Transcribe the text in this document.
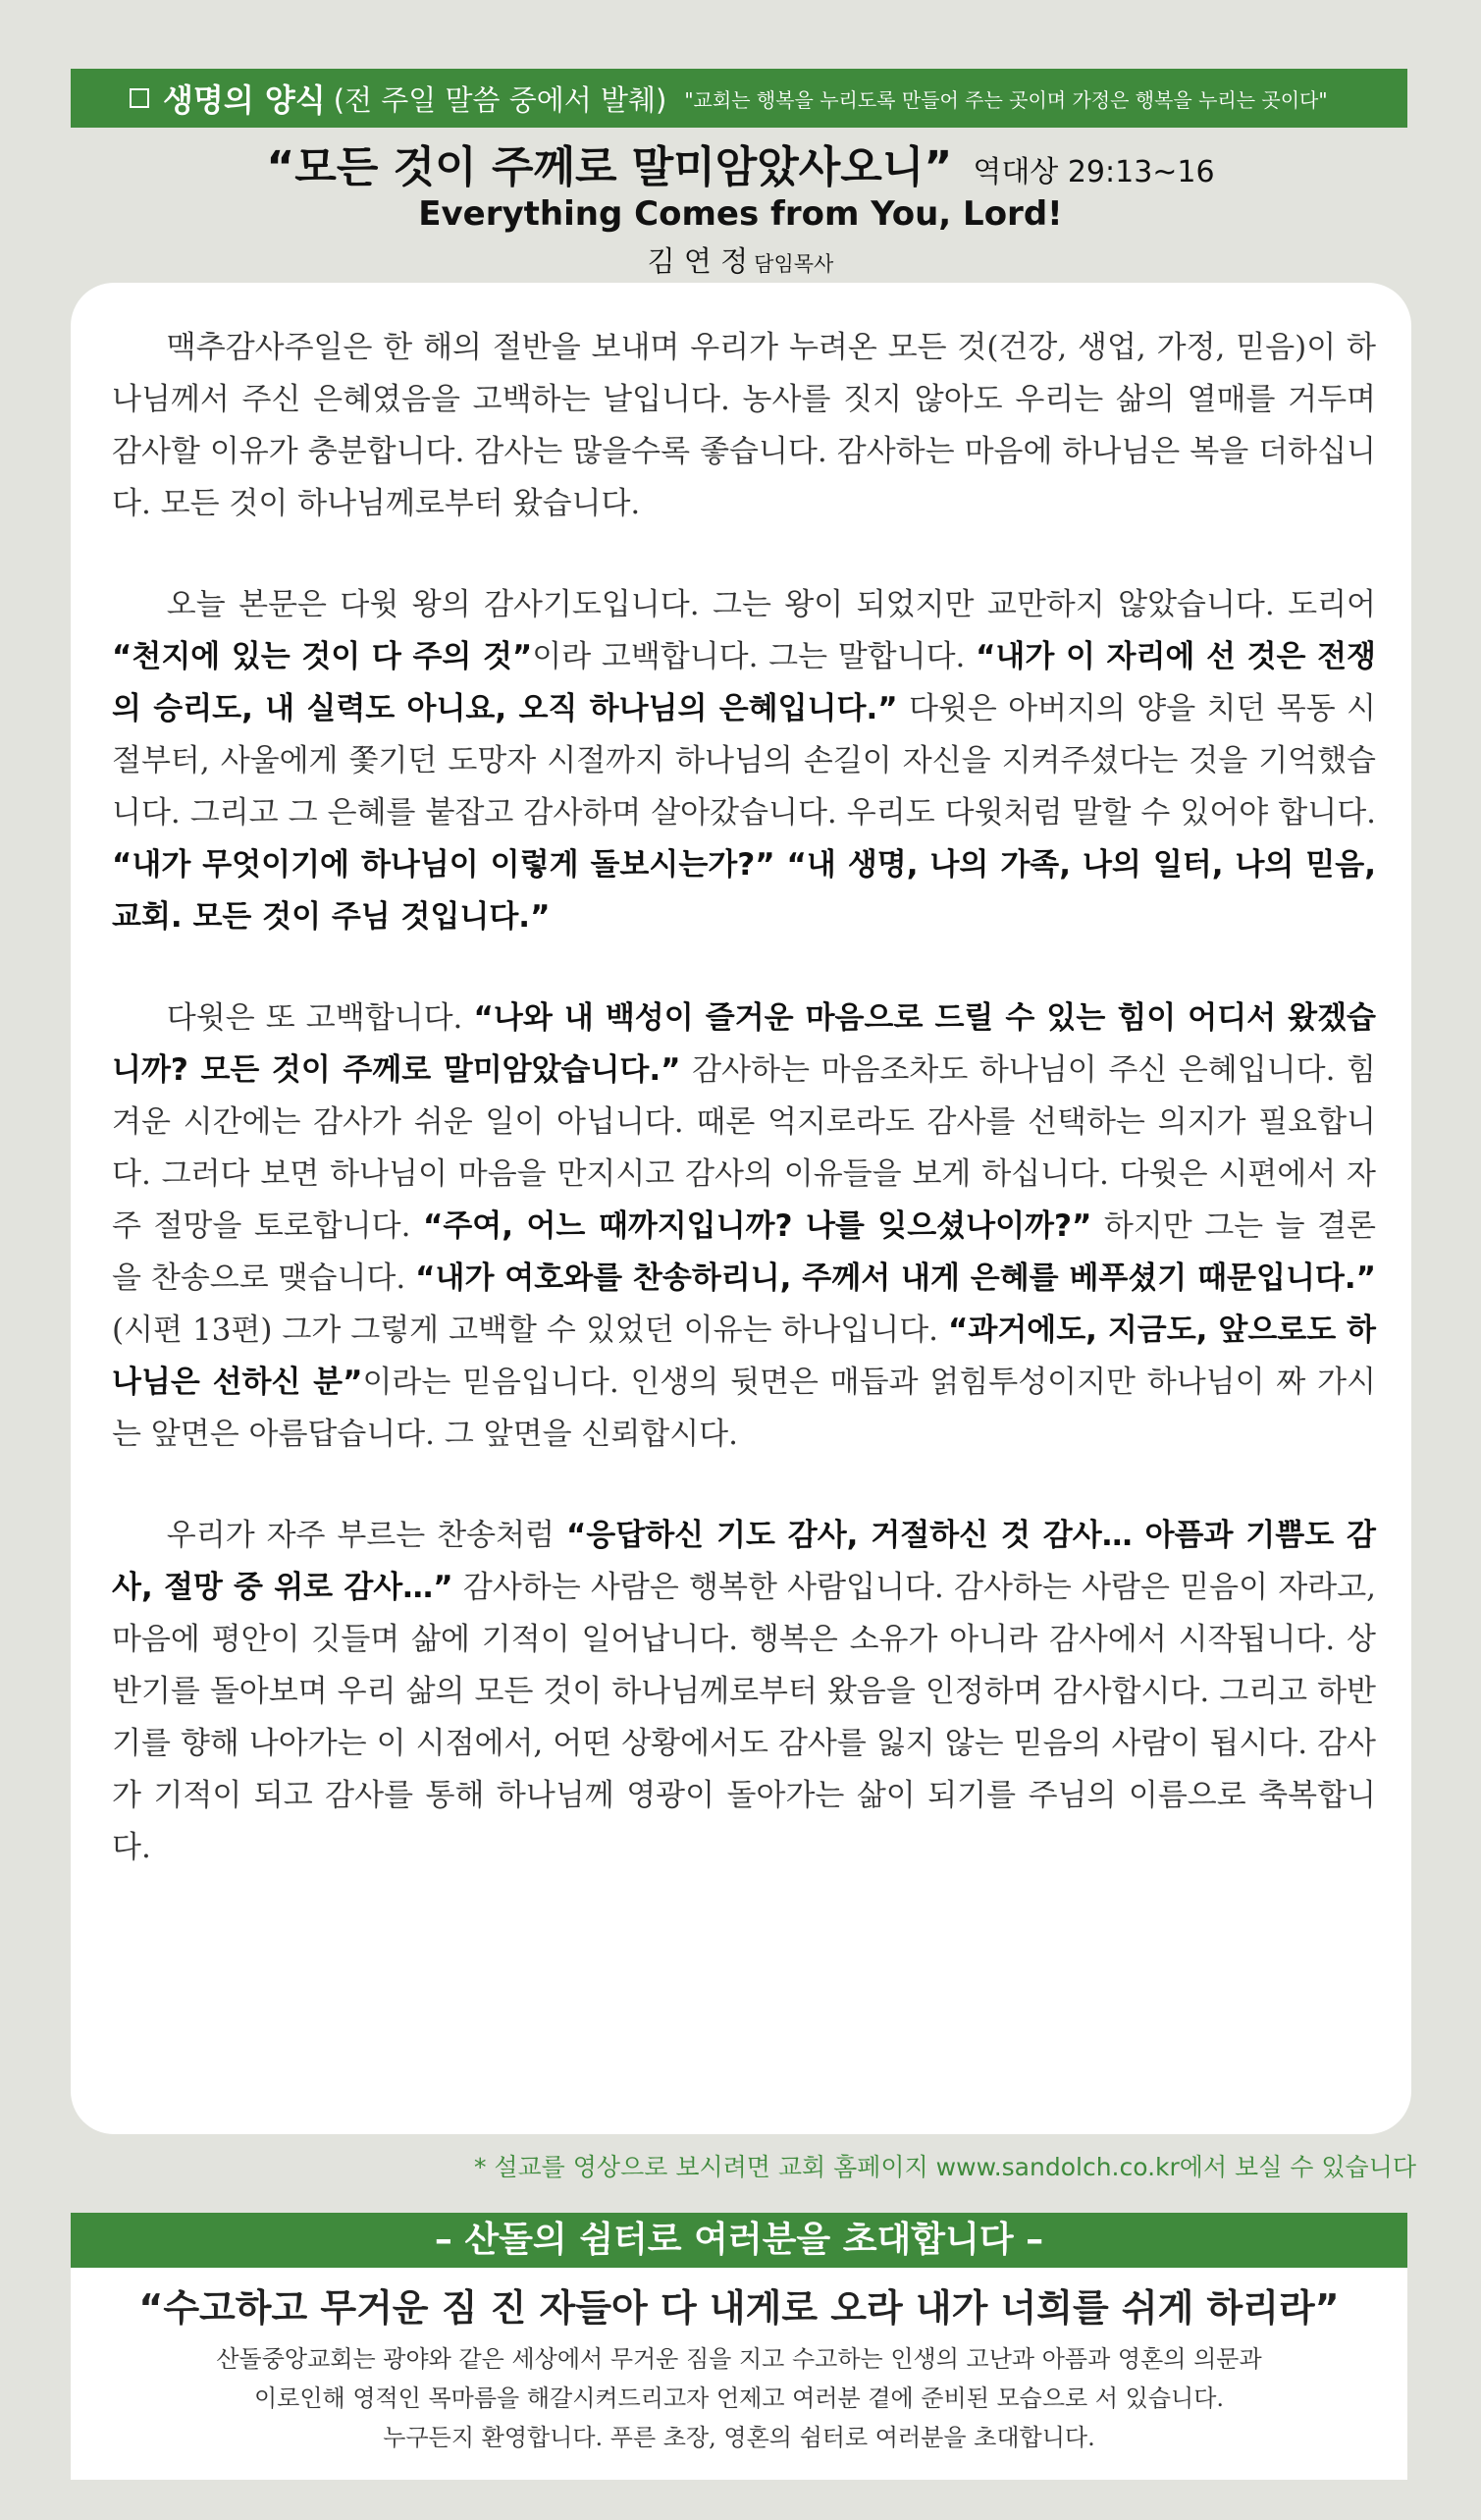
생명의 양식 (전 주일 말씀 중에서 발췌) "교회는 행복을 누리도록 만들어 주는 곳이며 가정은 행복을 누리는 곳이다"
“모든 것이 주께로 말미암았사오니” 역대상 29:13~16
Everything Comes from You, Lord!
김 연 정 담임목사

맥추감사주일은 한 해의 절반을 보내며 우리가 누려온 모든 것(건강, 생업, 가정, 믿음)이 하나님께서 주신 은혜였음을 고백하는 날입니다. 농사를 짓지 않아도 우리는 삶의 열매를 거두며 감사할 이유가 충분합니다. 감사는 많을수록 좋습니다. 감사하는 마음에 하나님은 복을 더하십니다. 모든 것이 하나님께로부터 왔습니다.

오늘 본문은 다윗 왕의 감사기도입니다. 그는 왕이 되었지만 교만하지 않았습니다. 도리어 “천지에 있는 것이 다 주의 것”이라 고백합니다. 그는 말합니다. “내가 이 자리에 선 것은 전쟁의 승리도, 내 실력도 아니요, 오직 하나님의 은혜입니다.” 다윗은 아버지의 양을 치던 목동 시절부터, 사울에게 쫓기던 도망자 시절까지 하나님의 손길이 자신을 지켜주셨다는 것을 기억했습니다. 그리고 그 은혜를 붙잡고 감사하며 살아갔습니다. 우리도 다윗처럼 말할 수 있어야 합니다. “내가 무엇이기에 하나님이 이렇게 돌보시는가?” “내 생명, 나의 가족, 나의 일터, 나의 믿음, 교회. 모든 것이 주님 것입니다.”

다윗은 또 고백합니다. “나와 내 백성이 즐거운 마음으로 드릴 수 있는 힘이 어디서 왔겠습니까? 모든 것이 주께로 말미암았습니다.” 감사하는 마음조차도 하나님이 주신 은혜입니다. 힘겨운 시간에는 감사가 쉬운 일이 아닙니다. 때론 억지로라도 감사를 선택하는 의지가 필요합니다. 그러다 보면 하나님이 마음을 만지시고 감사의 이유들을 보게 하십니다. 다윗은 시편에서 자주 절망을 토로합니다. “주여, 어느 때까지입니까? 나를 잊으셨나이까?” 하지만 그는 늘 결론을 찬송으로 맺습니다. “내가 여호와를 찬송하리니, 주께서 내게 은혜를 베푸셨기 때문입니다.” (시편 13편) 그가 그렇게 고백할 수 있었던 이유는 하나입니다. “과거에도, 지금도, 앞으로도 하나님은 선하신 분”이라는 믿음입니다. 인생의 뒷면은 매듭과 얽힘투성이지만 하나님이 짜 가시는 앞면은 아름답습니다. 그 앞면을 신뢰합시다.

우리가 자주 부르는 찬송처럼 “응답하신 기도 감사, 거절하신 것 감사… 아픔과 기쁨도 감사, 절망 중 위로 감사…” 감사하는 사람은 행복한 사람입니다. 감사하는 사람은 믿음이 자라고, 마음에 평안이 깃들며 삶에 기적이 일어납니다. 행복은 소유가 아니라 감사에서 시작됩니다. 상반기를 돌아보며 우리 삶의 모든 것이 하나님께로부터 왔음을 인정하며 감사합시다. 그리고 하반기를 향해 나아가는 이 시점에서, 어떤 상황에서도 감사를 잃지 않는 믿음의 사람이 됩시다. 감사가 기적이 되고 감사를 통해 하나님께 영광이 돌아가는 삶이 되기를 주님의 이름으로 축복합니다.

* 설교를 영상으로 보시려면 교회 홈페이지 www.sandolch.co.kr에서 보실 수 있습니다
– 산돌의 쉼터로 여러분을 초대합니다 –
“수고하고 무거운 짐 진 자들아 다 내게로 오라 내가 너희를 쉬게 하리라”
산돌중앙교회는 광야와 같은 세상에서 무거운 짐을 지고 수고하는 인생의 고난과 아픔과 영혼의 의문과
이로인해 영적인 목마름을 해갈시켜드리고자 언제고 여러분 곁에 준비된 모습으로 서 있습니다.
누구든지 환영합니다. 푸른 초장, 영혼의 쉼터로 여러분을 초대합니다.
